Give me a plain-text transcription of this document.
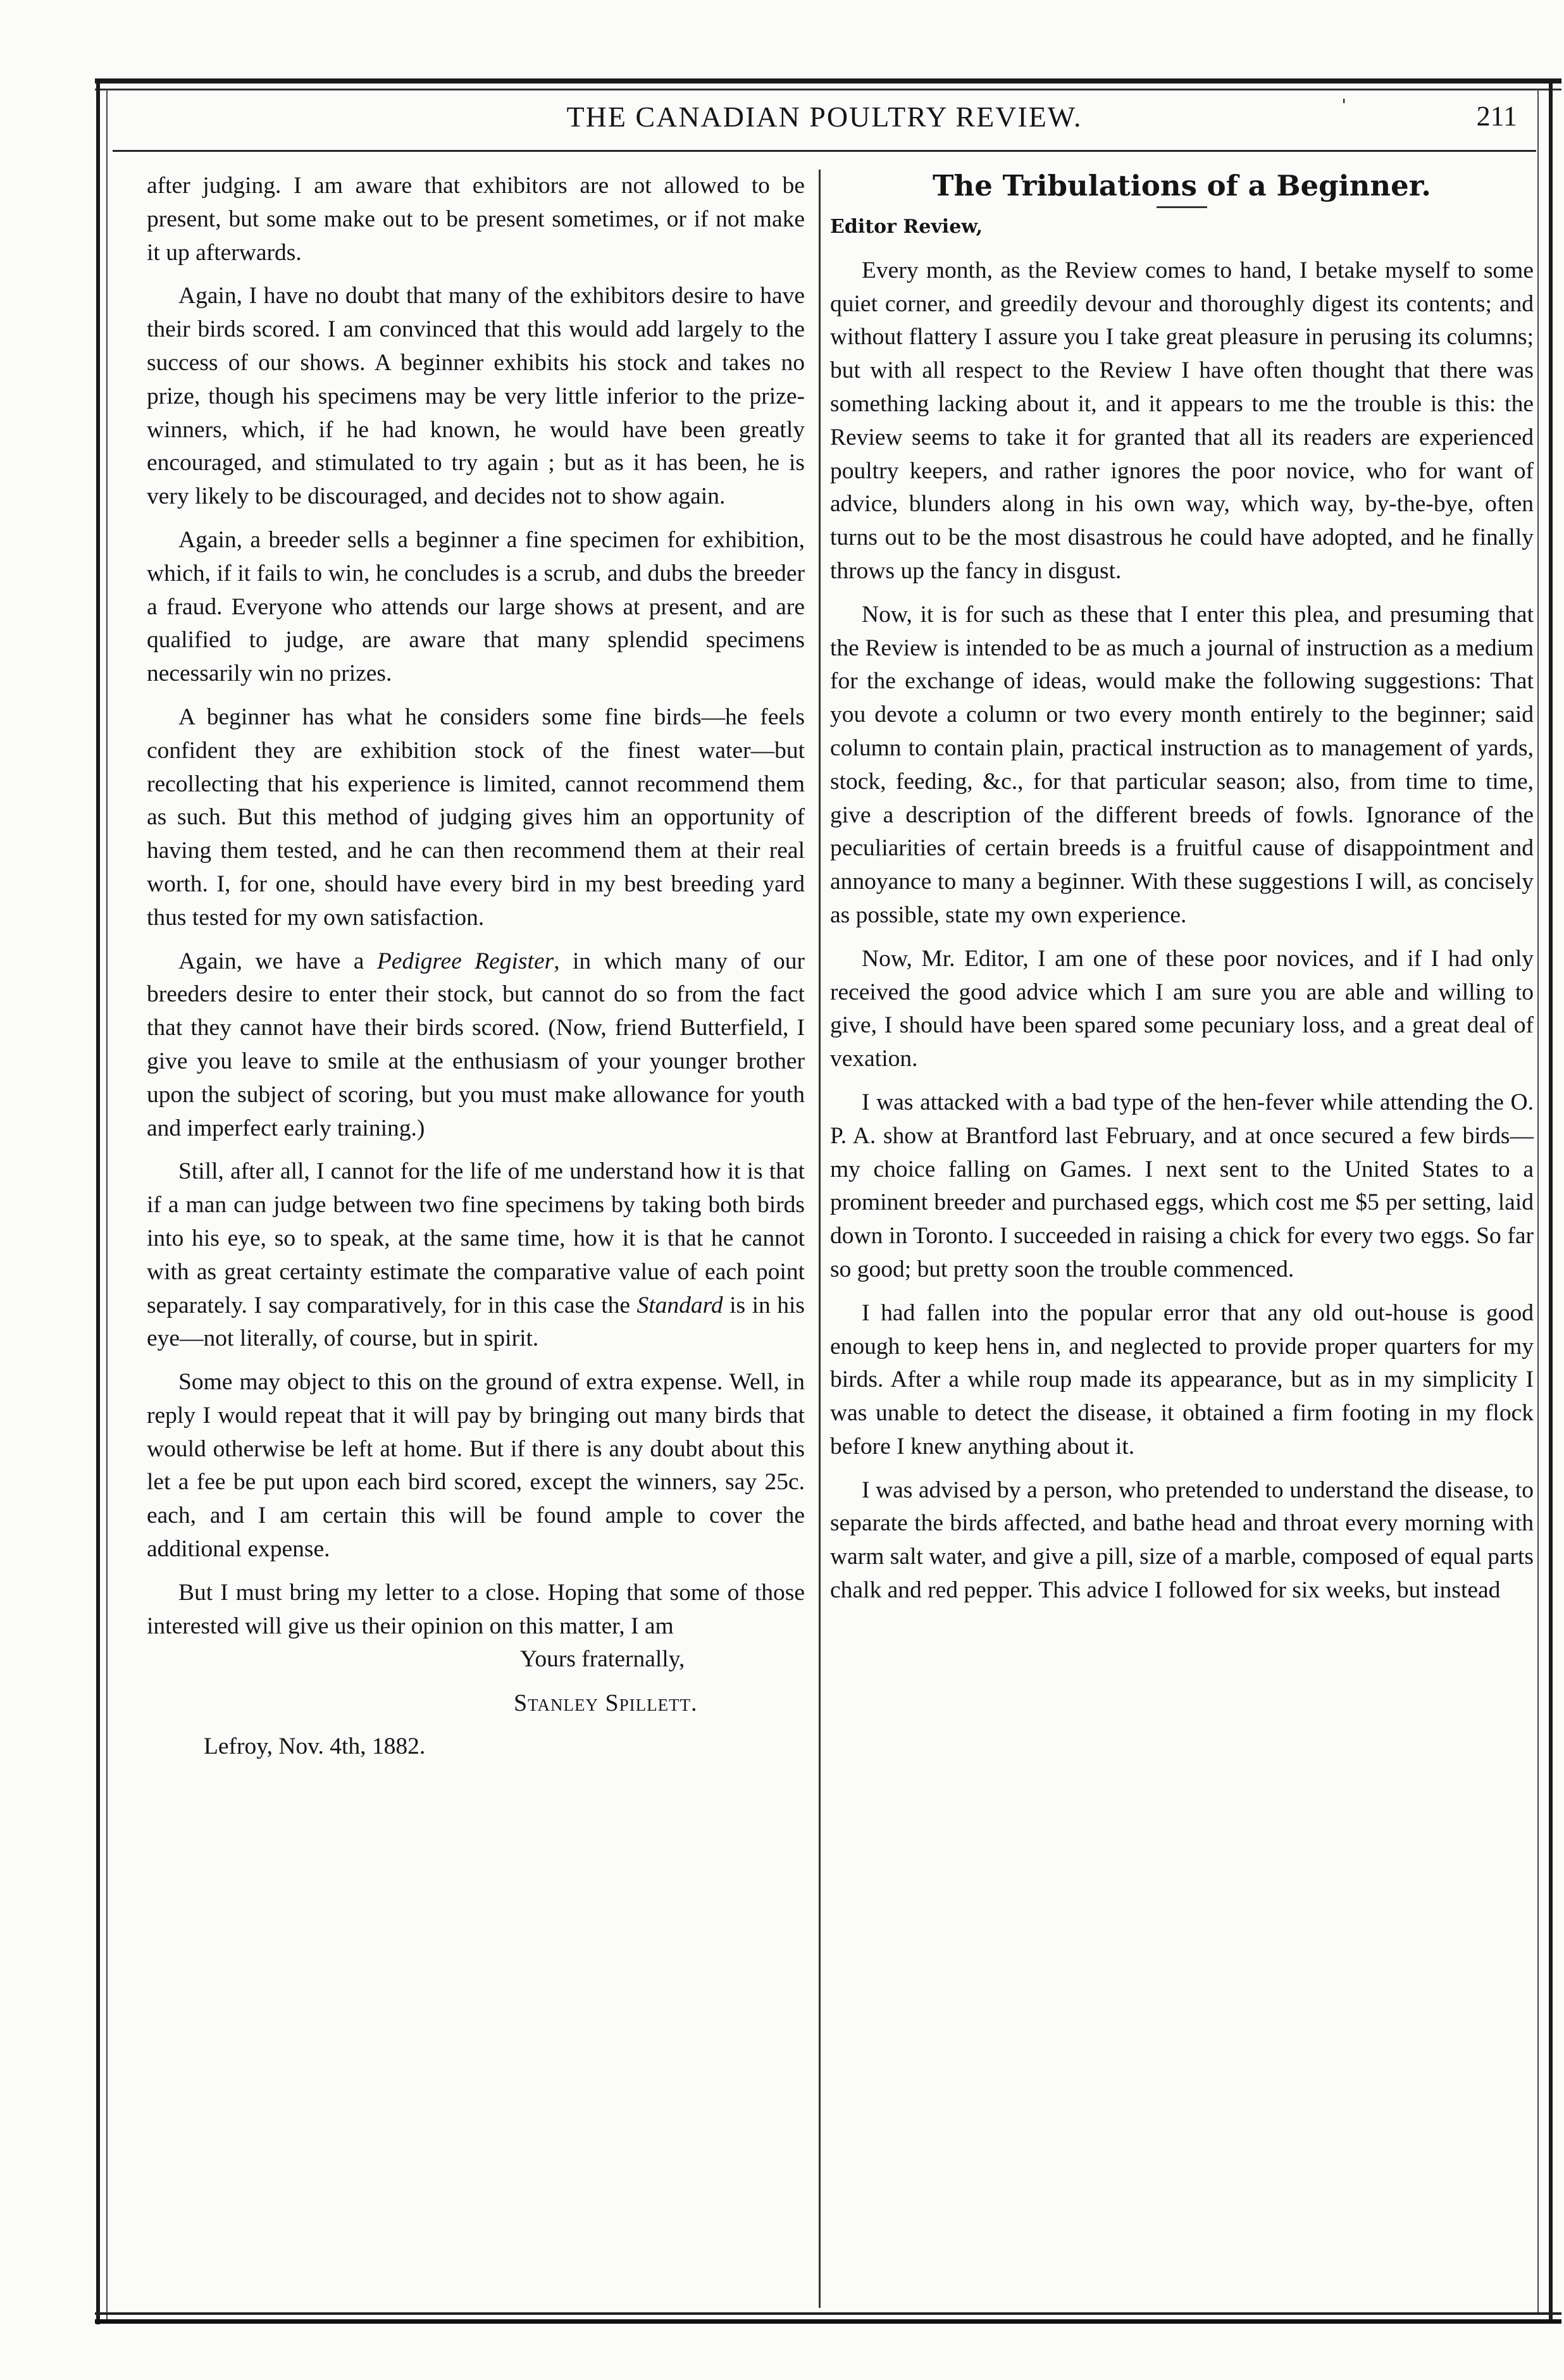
THE CANADIAN POULTRY REVIEW.	ˈ	211

after judging. I am aware that exhibitors are not allowed to be present, but some make out to be present sometimes, or if not make it up afterwards.

Again, I have no doubt that many of the exhibitors desire to have their birds scored. I am convinced that this would add largely to the success of our shows. A beginner exhibits his stock and takes no prize, though his specimens may be very little inferior to the prize-winners, which, if he had known, he would have been greatly encouraged, and stimulated to try again ; but as it has been, he is very likely to be discouraged, and decides not to show again.

Again, a breeder sells a beginner a fine specimen for exhibition, which, if it fails to win, he concludes is a scrub, and dubs the breeder a fraud. Everyone who attends our large shows at present, and are qualified to judge, are aware that many splendid specimens necessarily win no prizes.

A beginner has what he considers some fine birds—he feels confident they are exhibition stock of the finest water—but recollecting that his experience is limited, cannot recommend them as such. But this method of judging gives him an opportunity of having them tested, and he can then recommend them at their real worth. I, for one, should have every bird in my best breeding yard thus tested for my own satisfaction.

Again, we have a Pedigree Register, in which many of our breeders desire to enter their stock, but cannot do so from the fact that they cannot have their birds scored. (Now, friend Butterfield, I give you leave to smile at the enthusiasm of your younger brother upon the subject of scoring, but you must make allowance for youth and imperfect early training.)

Still, after all, I cannot for the life of me understand how it is that if a man can judge between two fine specimens by taking both birds into his eye, so to speak, at the same time, how it is that he cannot with as great certainty estimate the comparative value of each point separately. I say comparatively, for in this case the Standard is in his eye—not literally, of course, but in spirit.

Some may object to this on the ground of extra expense. Well, in reply I would repeat that it will pay by bringing out many birds that would otherwise be left at home. But if there is any doubt about this let a fee be put upon each bird scored, except the winners, say 25c. each, and I am certain this will be found ample to cover the additional expense.

But I must bring my letter to a close. Hoping that some of those interested will give us their opinion on this matter, I am

Yours fraternally,

Stanley Spillett.

Lefroy, Nov. 4th, 1882.

The Tribulations of a Beginner.

Editor Review,

Every month, as the Review comes to hand, I betake myself to some quiet corner, and greedily devour and thoroughly digest its contents; and without flattery I assure you I take great pleasure in perusing its columns; but with all respect to the Review I have often thought that there was something lacking about it, and it appears to me the trouble is this: the Review seems to take it for granted that all its readers are experienced poultry keepers, and rather ignores the poor novice, who for want of advice, blunders along in his own way, which way, by-the-bye, often turns out to be the most disastrous he could have adopted, and he finally throws up the fancy in disgust.

Now, it is for such as these that I enter this plea, and presuming that the Review is intended to be as much a journal of instruction as a medium for the exchange of ideas, would make the following suggestions: That you devote a column or two every month entirely to the beginner; said column to contain plain, practical instruction as to management of yards, stock, feeding, &c., for that particular season; also, from time to time, give a description of the different breeds of fowls. Ignorance of the peculiarities of certain breeds is a fruitful cause of disappointment and annoyance to many a beginner. With these suggestions I will, as concisely as possible, state my own experience.

Now, Mr. Editor, I am one of these poor novices, and if I had only received the good advice which I am sure you are able and willing to give, I should have been spared some pecuniary loss, and a great deal of vexation.

I was attacked with a bad type of the hen-fever while attending the O. P. A. show at Brantford last February, and at once secured a few birds—my choice falling on Games. I next sent to the United States to a prominent breeder and purchased eggs, which cost me $5 per setting, laid down in Toronto. I succeeded in raising a chick for every two eggs. So far so good; but pretty soon the trouble commenced.

I had fallen into the popular error that any old out-house is good enough to keep hens in, and neglected to provide proper quarters for my birds. After a while roup made its appearance, but as in my simplicity I was unable to detect the disease, it obtained a firm footing in my flock before I knew anything about it.

I was advised by a person, who pretended to understand the disease, to separate the birds affected, and bathe head and throat every morning with warm salt water, and give a pill, size of a marble, composed of equal parts chalk and red pepper. This advice I followed for six weeks, but instead
